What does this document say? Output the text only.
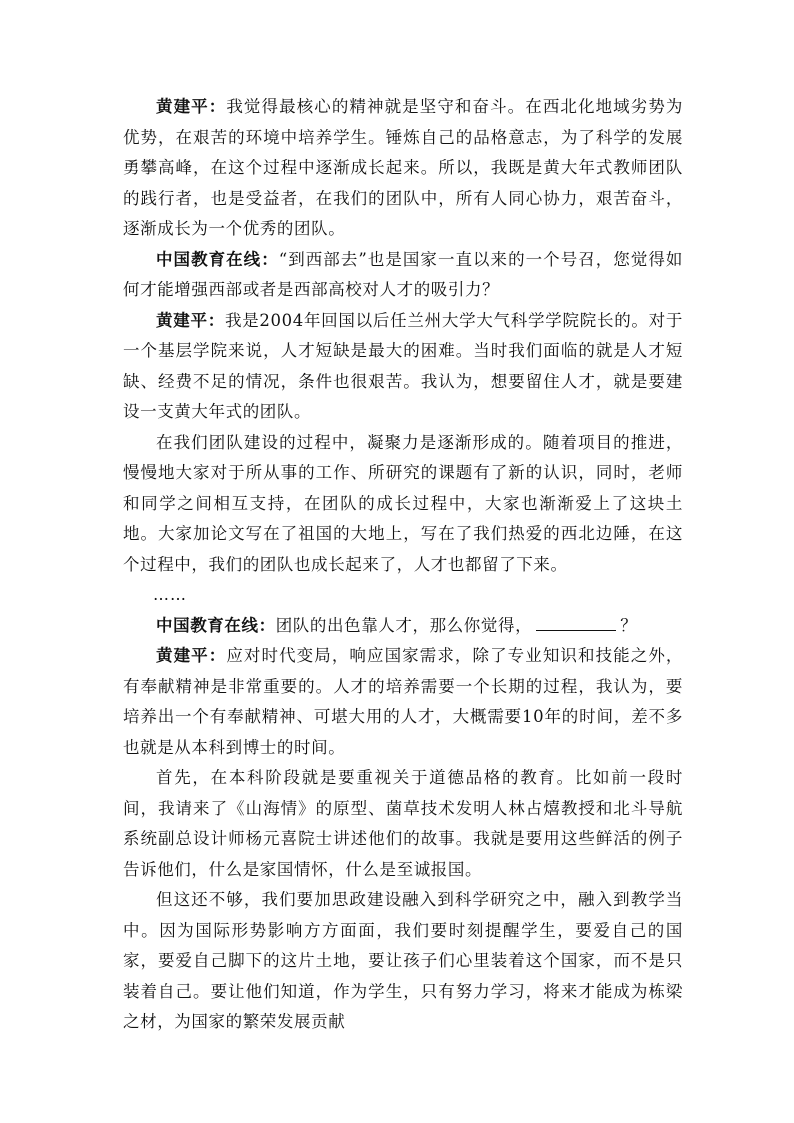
黄建平：我觉得最核心的精神就是坚守和奋斗。在西北化地域劣势为优势，在艰苦的环境中培养学生。锤炼自己的品格意志，为了科学的发展勇攀高峰，在这个过程中逐渐成长起来。所以，我既是黄大年式教师团队的践行者，也是受益者，在我们的团队中，所有人同心协力，艰苦奋斗，逐渐成长为一个优秀的团队。

中国教育在线：“到西部去”也是国家一直以来的一个号召，您觉得如何才能增强西部或者是西部高校对人才的吸引力？

黄建平：我是2004年回国以后任兰州大学大气科学学院院长的。对于一个基层学院来说，人才短缺是最大的困难。当时我们面临的就是人才短缺、经费不足的情况，条件也很艰苦。我认为，想要留住人才，就是要建设一支黄大年式的团队。

在我们团队建设的过程中，凝聚力是逐渐形成的。随着项目的推进，慢慢地大家对于所从事的工作、所研究的课题有了新的认识，同时，老师和同学之间相互支持，在团队的成长过程中，大家也渐渐爱上了这块土地。大家加论文写在了祖国的大地上，写在了我们热爱的西北边陲，在这个过程中，我们的团队也成长起来了，人才也都留了下来。

……

中国教育在线：团队的出色靠人才，那么你觉得，	？

黄建平：应对时代变局，响应国家需求，除了专业知识和技能之外，有奉献精神是非常重要的。人才的培养需要一个长期的过程，我认为，要培养出一个有奉献精神、可堪大用的人才，大概需要10年的时间，差不多也就是从本科到博士的时间。

首先，在本科阶段就是要重视关于道德品格的教育。比如前一段时间，我请来了《山海情》的原型、菌草技术发明人林占熺教授和北斗导航系统副总设计师杨元喜院士讲述他们的故事。我就是要用这些鲜活的例子告诉他们，什么是家国情怀，什么是至诚报国。

但这还不够，我们要加思政建设融入到科学研究之中，融入到教学当中。因为国际形势影响方方面面，我们要时刻提醒学生，要爱自己的国家，要爱自己脚下的这片土地，要让孩子们心里装着这个国家，而不是只装着自己。要让他们知道，作为学生，只有努力学习，将来才能成为栋梁之材，为国家的繁荣发展贡献
